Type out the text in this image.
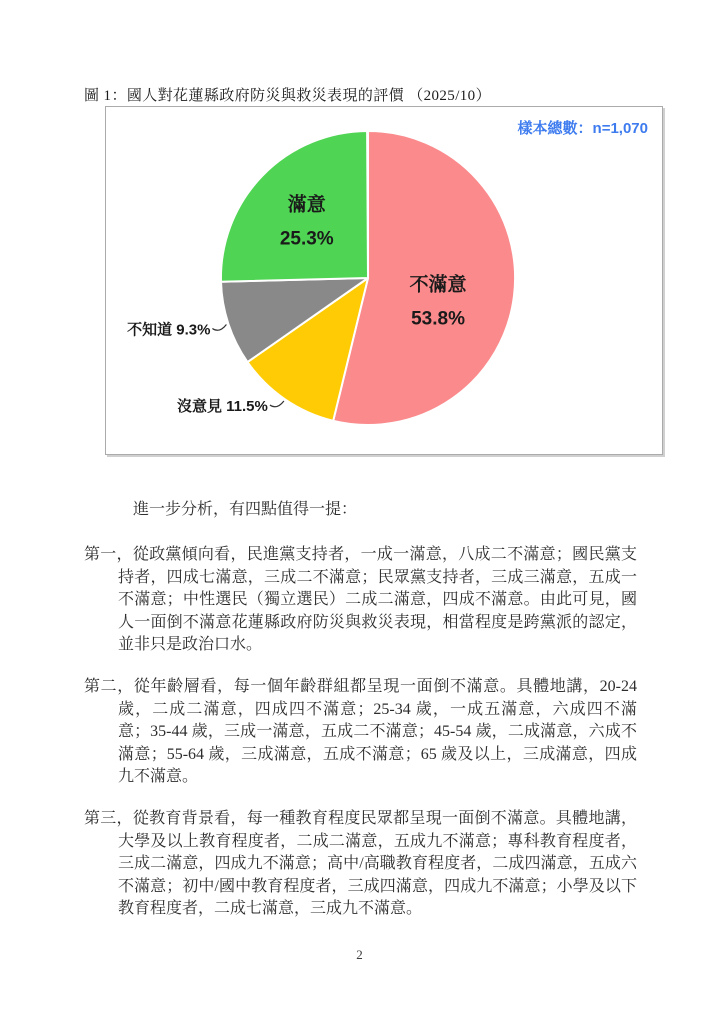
圖 1：國人對花蓮縣政府防災與救災表現的評價 （2025/10）
不滿意
53.8%
沒意見 11.5%
不知道 9.3%
滿意
25.3%
樣本總數：n=1,070

進一步分析，有四點值得一提：

第一，從政黨傾向看，民進黨支持者，一成一滿意，八成二不滿意；國民黨支持者，四成七滿意，三成二不滿意；民眾黨支持者，三成三滿意，五成一不滿意；中性選民（獨立選民）二成二滿意，四成不滿意。由此可見，國人一面倒不滿意花蓮縣政府防災與救災表現，相當程度是跨黨派的認定，並非只是政治口水。

第二，從年齡層看，每一個年齡群組都呈現一面倒不滿意。具體地講，20-24 歲，二成二滿意，四成四不滿意；25-34 歲，一成五滿意，六成四不滿意；35-44 歲，三成一滿意，五成二不滿意；45-54 歲，二成滿意，六成不滿意；55-64 歲，三成滿意，五成不滿意；65 歲及以上，三成滿意，四成九不滿意。

第三，從教育背景看，每一種教育程度民眾都呈現一面倒不滿意。具體地講，大學及以上教育程度者，二成二滿意，五成九不滿意；專科教育程度者，三成二滿意，四成九不滿意；高中/高職教育程度者，二成四滿意，五成六不滿意；初中/國中教育程度者，三成四滿意，四成九不滿意；小學及以下教育程度者，二成七滿意，三成九不滿意。

2
